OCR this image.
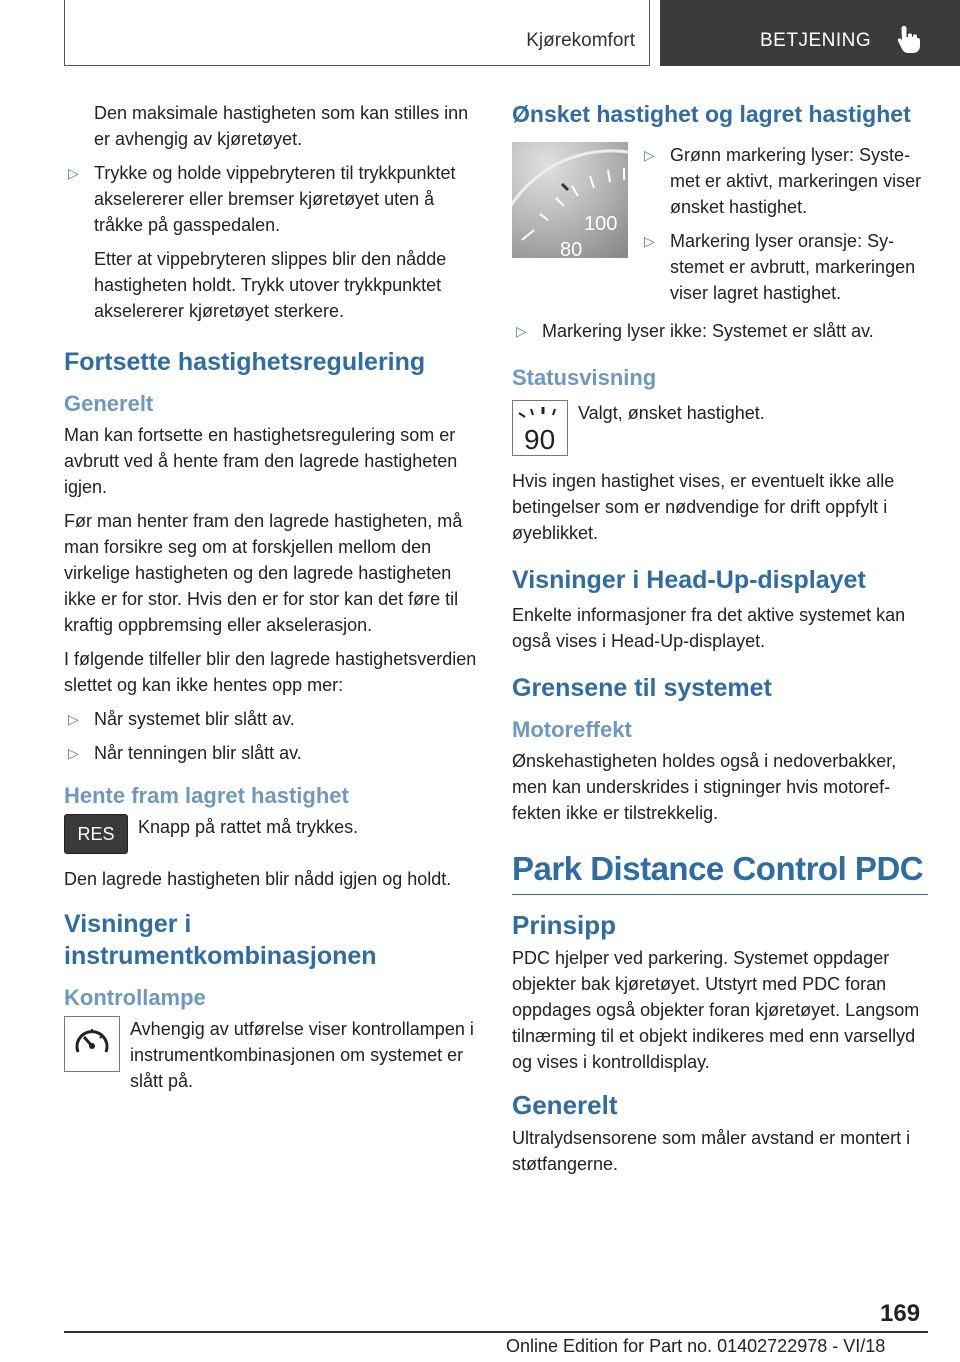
Kjørekomfort	BETJENING
Den maksimale hastigheten som kan stilles inn er avhengig av kjøretøyet.
▷ Trykke og holde vippebryteren til trykkpunktet akselererer eller bremser kjøretøyet uten å tråkke på gasspedalen.
Etter at vippebryteren slippes blir den nådde hastigheten holdt. Trykk utover trykkpunktet akselererer kjøretøyet sterkere.
Fortsette hastighetsregulering
Generelt
Man kan fortsette en hastighetsregulering som er avbrutt ved å hente fram den lagrede hastigheten igjen.
Før man henter fram den lagrede hastigheten, må man forsikre seg om at forskjellen mellom den virkelige hastigheten og den lagrede hastigheten ikke er for stor. Hvis den er for stor kan det føre til kraftig oppbremsing eller akselerasjon.
I følgende tilfeller blir den lagrede hastighetsverdien slettet og kan ikke hentes opp mer:
▷ Når systemet blir slått av.
▷ Når tenningen blir slått av.
Hente fram lagret hastighet
RES Knapp på rattet må trykkes.
Den lagrede hastigheten blir nådd igjen og holdt.
Visninger i instrumentkombinasjonen
Kontrollampe
Avhengig av utførelse viser kontrollampen i instrumentkombinasjonen om systemet er slått på.
Ønsket hastighet og lagret hastighet
100
80
▷ Grønn markering lyser: Systemet er aktivt, markeringen viser ønsket hastighet.
▷ Markering lyser oransje: Systemet er avbrutt, markeringen viser lagret hastighet.
▷ Markering lyser ikke: Systemet er slått av.
Statusvisning
90
Valgt, ønsket hastighet.
Hvis ingen hastighet vises, er eventuelt ikke alle betingelser som er nødvendige for drift oppfylt i øyeblikket.
Visninger i Head-Up-displayet
Enkelte informasjoner fra det aktive systemet kan også vises i Head-Up-displayet.
Grensene til systemet
Motoreffekt
Ønskehastigheten holdes også i nedoverbakker, men kan underskrides i stigninger hvis motoreffekten ikke er tilstrekkelig.
Park Distance Control PDC
Prinsipp
PDC hjelper ved parkering. Systemet oppdager objekter bak kjøretøyet. Utstyrt med PDC foran oppdages også objekter foran kjøretøyet. Langsom tilnærming til et objekt indikeres med enn varsellyd og vises i kontrolldisplay.
Generelt
Ultralydsensorene som måler avstand er montert i støtfangerne.
169
Online Edition for Part no. 01402722978 - VI/18
